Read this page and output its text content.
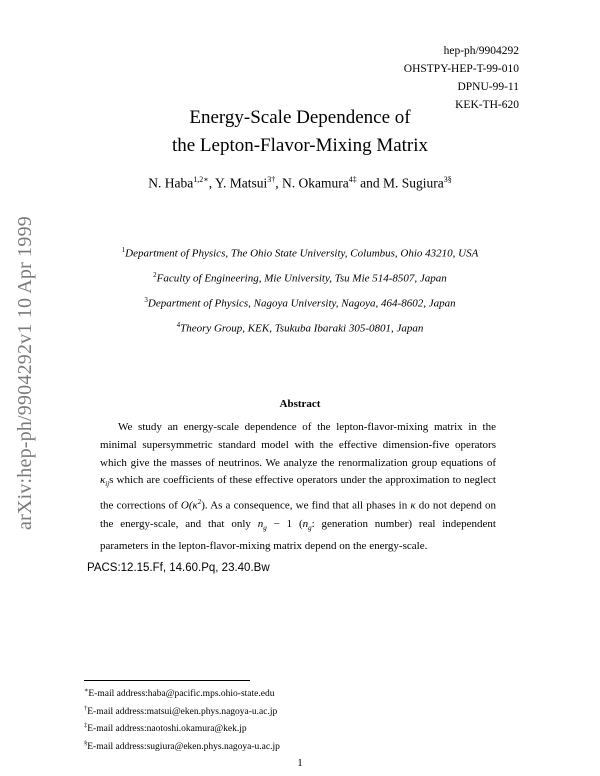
arXiv:hep-ph/9904292v1 10 Apr 1999
hep-ph/9904292
OHSTPY-HEP-T-99-010
DPNU-99-11
KEK-TH-620
Energy-Scale Dependence of
the Lepton-Flavor-Mixing Matrix
N. Haba$^{1,2∗}$, Y. Matsui$^{3\dagger}$, N. Okamura$^{4\ddagger}$ and M. Sugiura$^{3\S}$
$^1$Department of Physics, The Ohio State University, Columbus, Ohio 43210, USA
$^2$Faculty of Engineering, Mie University, Tsu Mie 514-8507, Japan
$^3$Department of Physics, Nagoya University, Nagoya, 464-8602, Japan
$^4$Theory Group, KEK, Tsukuba Ibaraki 305-0801, Japan
Abstract

We study an energy-scale dependence of the lepton-flavor-mixing matrix in the minimal supersymmetric standard model with the effective dimension-five operators which give the masses of neutrinos. We analyze the renormalization group equations of $\kappa_{ij}s$ which are coefficients of these effective operators under the approximation to neglect the corrections of $O(\kappa^2)$. As a consequence, we find that all phases in κ do not depend on the energy-scale, and that only $n_g - 1$ ($n_g$: generation number) real independent parameters in the lepton-flavor-mixing matrix depend on the energy-scale.

PACS:12.15.Ff, 14.60.Pq, 23.40.Bw
∗E-mail address:haba@pacific.mps.ohio-state.edu
†E-mail address:matsui@eken.phys.nagoya-u.ac.jp
‡E-mail address:naotoshi.okamura@kek.jp
§E-mail address:sugiura@eken.phys.nagoya-u.ac.jp
1
